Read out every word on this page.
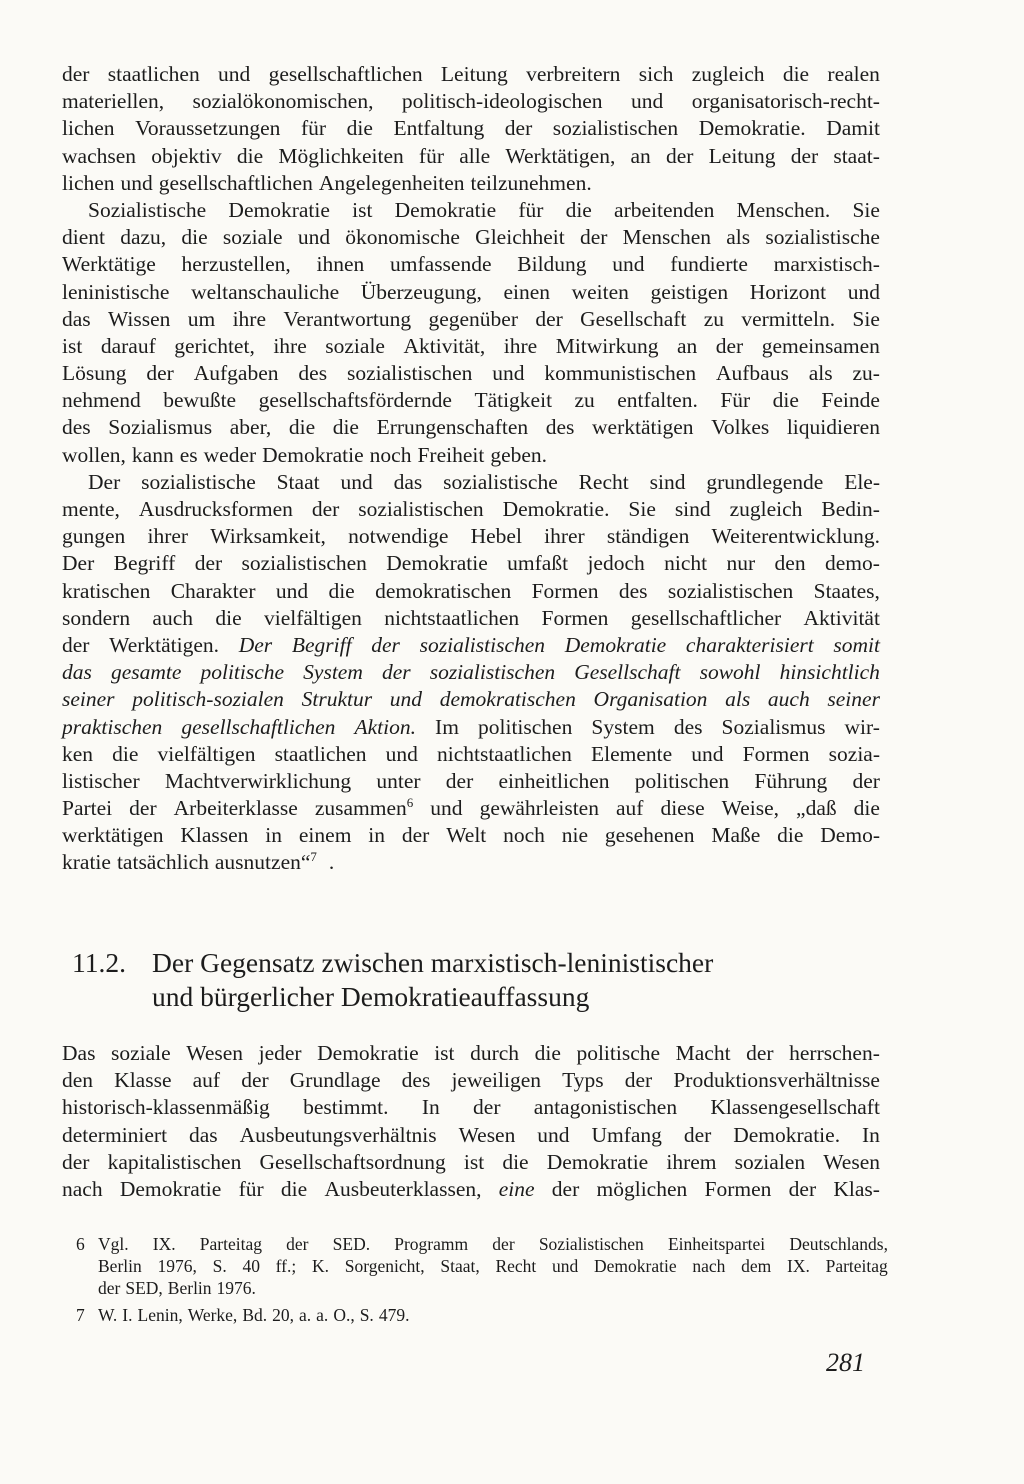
der staatlichen und gesellschaftlichen Leitung verbreitern sich zugleich die realen
materiellen, sozialökonomischen, politisch-ideologischen und organisatorisch-recht-
lichen Voraussetzungen für die Entfaltung der sozialistischen Demokratie. Damit
wachsen objektiv die Möglichkeiten für alle Werktätigen, an der Leitung der staat-
lichen und gesellschaftlichen Angelegenheiten teilzunehmen.
Sozialistische Demokratie ist Demokratie für die arbeitenden Menschen. Sie
dient dazu, die soziale und ökonomische Gleichheit der Menschen als sozialistische
Werktätige herzustellen, ihnen umfassende Bildung und fundierte marxistisch-
leninistische weltanschauliche Überzeugung, einen weiten geistigen Horizont und
das Wissen um ihre Verantwortung gegenüber der Gesellschaft zu vermitteln. Sie
ist darauf gerichtet, ihre soziale Aktivität, ihre Mitwirkung an der gemeinsamen
Lösung der Aufgaben des sozialistischen und kommunistischen Aufbaus als zu-
nehmend bewußte gesellschaftsfördernde Tätigkeit zu entfalten. Für die Feinde
des Sozialismus aber, die die Errungenschaften des werktätigen Volkes liquidieren
wollen, kann es weder Demokratie noch Freiheit geben.
Der sozialistische Staat und das sozialistische Recht sind grundlegende Ele-
mente, Ausdrucksformen der sozialistischen Demokratie. Sie sind zugleich Bedin-
gungen ihrer Wirksamkeit, notwendige Hebel ihrer ständigen Weiterentwicklung.
Der Begriff der sozialistischen Demokratie umfaßt jedoch nicht nur den demo-
kratischen Charakter und die demokratischen Formen des sozialistischen Staates,
sondern auch die vielfältigen nichtstaatlichen Formen gesellschaftlicher Aktivität
der Werktätigen. Der Begriff der sozialistischen Demokratie charakterisiert somit
das gesamte politische System der sozialistischen Gesellschaft sowohl hinsichtlich
seiner politisch-sozialen Struktur und demokratischen Organisation als auch seiner
praktischen gesellschaftlichen Aktion. Im politischen System des Sozialismus wir-
ken die vielfältigen staatlichen und nichtstaatlichen Elemente und Formen sozia-
listischer Machtverwirklichung unter der einheitlichen politischen Führung der
Partei der Arbeiterklasse zusammen6 und gewährleisten auf diese Weise, „daß die
werktätigen Klassen in einem in der Welt noch nie gesehenen Maße die Demo-
kratie tatsächlich ausnutzen“7 .
11.2. Der Gegensatz zwischen marxistisch-leninistischer
und bürgerlicher Demokratieauffassung
Das soziale Wesen jeder Demokratie ist durch die politische Macht der herrschen-
den Klasse auf der Grundlage des jeweiligen Typs der Produktionsverhältnisse
historisch-klassenmäßig bestimmt. In der antagonistischen Klassengesellschaft
determiniert das Ausbeutungsverhältnis Wesen und Umfang der Demokratie. In
der kapitalistischen Gesellschaftsordnung ist die Demokratie ihrem sozialen Wesen
nach Demokratie für die Ausbeuterklassen, eine der möglichen Formen der Klas-
6 Vgl. IX. Parteitag der SED. Programm der Sozialistischen Einheitspartei Deutschlands,
Berlin 1976, S. 40 ff.; K. Sorgenicht, Staat, Recht und Demokratie nach dem IX. Parteitag
der SED, Berlin 1976.
7 W. I. Lenin, Werke, Bd. 20, a. a. O., S. 479.
281
